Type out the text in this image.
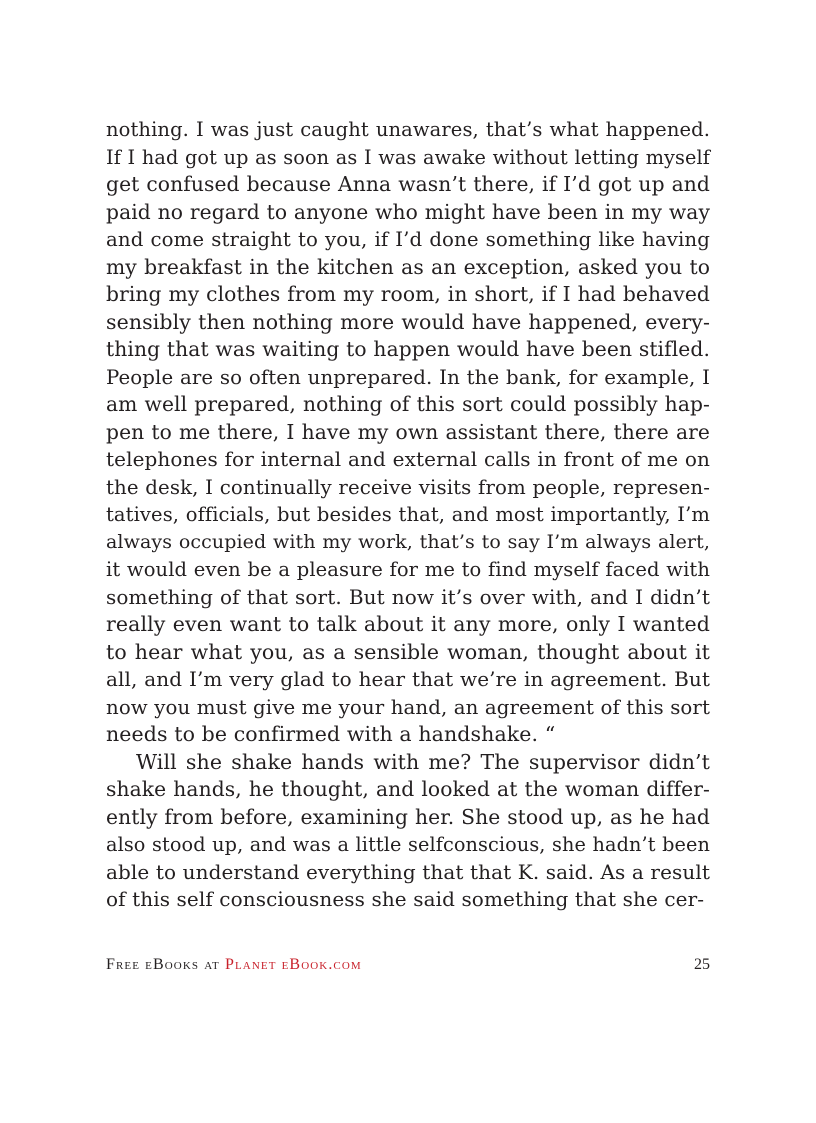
nothing. I was just caught unawares, that’s what happened.
If I had got up as soon as I was awake without letting myself
get confused because Anna wasn’t there, if I’d got up and
paid no regard to anyone who might have been in my way
and come straight to you, if I’d done something like having
my breakfast in the kitchen as an exception, asked you to
bring my clothes from my room, in short, if I had behaved
sensibly then nothing more would have happened, every-
thing that was waiting to happen would have been stifled.
People are so often unprepared. In the bank, for example, I
am well prepared, nothing of this sort could possibly hap-
pen to me there, I have my own assistant there, there are
telephones for internal and external calls in front of me on
the desk, I continually receive visits from people, represen-
tatives, officials, but besides that, and most importantly, I’m
always occupied with my work, that’s to say I’m always alert,
it would even be a pleasure for me to find myself faced with
something of that sort. But now it’s over with, and I didn’t
really even want to talk about it any more, only I wanted
to hear what you, as a sensible woman, thought about it
all, and I’m very glad to hear that we’re in agreement. But
now you must give me your hand, an agreement of this sort
needs to be confirmed with a handshake. “

Will she shake hands with me? The supervisor didn’t
shake hands, he thought, and looked at the woman differ-
ently from before, examining her. She stood up, as he had
also stood up, and was a little selfconscious, she hadn’t been
able to understand everything that that K. said. As a result
of this self consciousness she said something that she cer-

Free eBooks at Planet eBook.com	25
